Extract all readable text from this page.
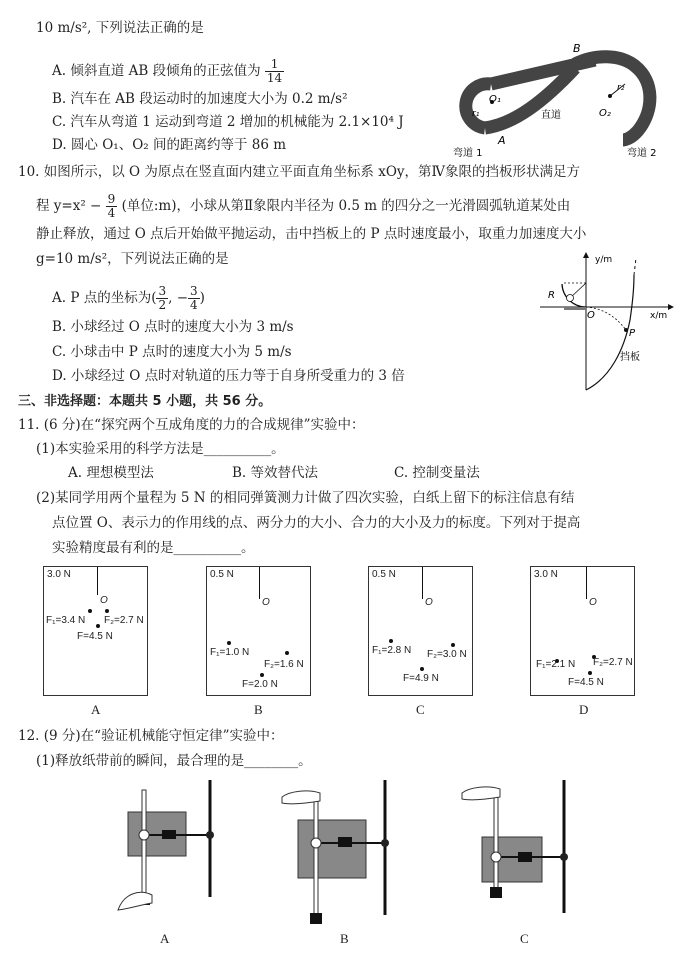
10 m/s², 下列说法正确的是
A. 倾斜直道 AB 段倾角的正弦值为 $\frac{1}{14}$
B. 汽车在 AB 段运动时的加速度大小为 0.2 m/s²
C. 汽车从弯道 1 运动到弯道 2 增加的机械能为 2.1×10⁴ J
D. 圆心 O₁、O₂ 间的距离约等于 86 m
B
A
O₁
O₂
r₁
r₂
直道
弯道 1	弯道 2
10. 如图所示，以 O 为原点在竖直面内建立平面直角坐标系 xOy，第Ⅳ象限的挡板形状满足方
程 $y=x^2 - \frac{9}{4}$ (单位:m)，小球从第Ⅱ象限内半径为 0.5 m 的四分之一光滑圆弧轨道某处由
静止释放，通过 O 点后开始做平抛运动，击中挡板上的 P 点时速度最小，取重力加速度大小
g=10 m/s²，下列说法正确的是
A. P 点的坐标为( $\frac{3}{2}$ , − $\frac{3}{4}$ )
B. 小球经过 O 点时的速度大小为 3 m/s
C. 小球击中 P 点时的速度大小为 5 m/s
D. 小球经过 O 点时对轨道的压力等于自身所受重力的 3 倍
y/m
x/m
O
R
P
挡板
三、非选择题：本题共 5 小题，共 56 分。
11. (6 分)在“探究两个互成角度的力的合成规律”实验中：
(1)本实验采用的科学方法是__________。
A. 理想模型法	B. 等效替代法	C. 控制变量法
(2)某同学用两个量程为 5 N 的相同弹簧测力计做了四次实验，白纸上留下的标注信息有结
点位置 O、表示力的作用线的点、两分力的大小、合力的大小及力的标度。下列对于提高
实验精度最有利的是__________。
3.0 N
O
F₁=3.4 N F₂=2.7 N
F=4.5 N
A
0.5 N
O
F₁=1.0 N
F₂=1.6 N
F=2.0 N
B
0.5 N
O
F₁=2.8 N F₂=3.0 N
F=4.9 N
C
3.0 N
O
F₁=2.1 N F₂=2.7 N
F=4.5 N
D
12. (9 分)在“验证机械能守恒定律”实验中：
(1)释放纸带前的瞬间，最合理的是________。
A	B	C
